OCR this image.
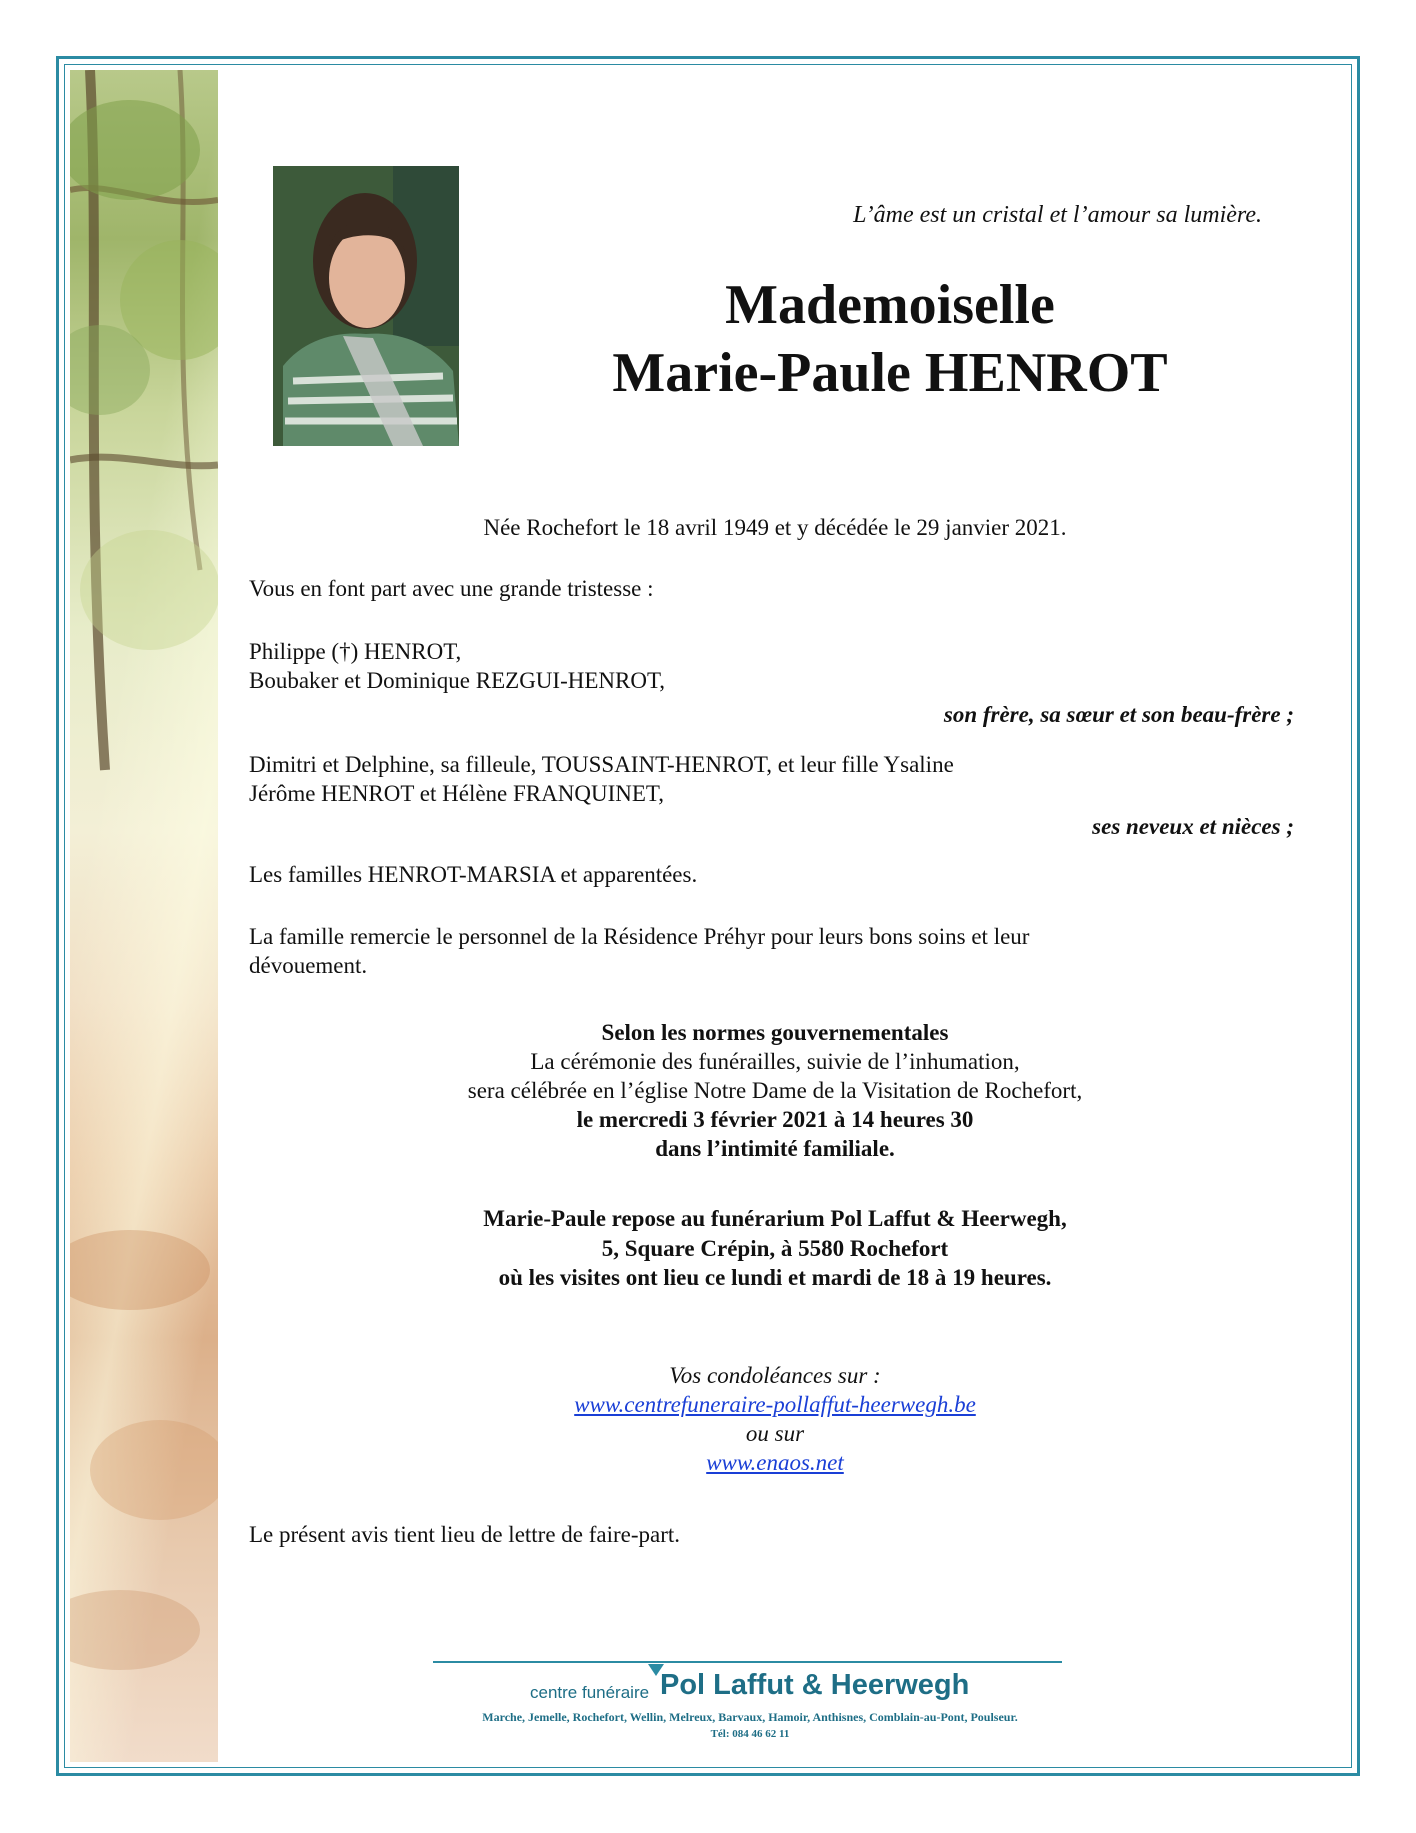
L’âme est un cristal et l’amour sa lumière.
Mademoiselle
Marie-Paule HENROT
Née Rochefort le 18 avril 1949 et y décédée le 29 janvier 2021.
Vous en font part avec une grande tristesse :
Philippe (†) HENROT,
Boubaker et Dominique REZGUI-HENROT,
son frère, sa sœur et son beau-frère ;
Dimitri et Delphine, sa filleule, TOUSSAINT-HENROT, et leur fille Ysaline
Jérôme HENROT et Hélène FRANQUINET,
ses neveux et nièces ;
Les familles HENROT-MARSIA et apparentées.
La famille remercie le personnel de la Résidence Préhyr pour leurs bons soins et leur
dévouement.
Selon les normes gouvernementales
La cérémonie des funérailles, suivie de l’inhumation,
sera célébrée en l’église Notre Dame de la Visitation de Rochefort,
le mercredi 3 février 2021 à 14 heures 30
dans l’intimité familiale.
Marie-Paule repose au funérarium Pol Laffut & Heerwegh,
5, Square Crépin, à 5580 Rochefort
où les visites ont lieu ce lundi et mardi de 18 à 19 heures.
Vos condoléances sur :
www.centrefuneraire-pollaffut-heerwegh.be
ou sur
www.enaos.net
Le présent avis tient lieu de lettre de faire-part.
centre funéraire Pol Laffut & Heerwegh
Marche, Jemelle, Rochefort, Wellin, Melreux, Barvaux, Hamoir, Anthisnes, Comblain-au-Pont, Poulseur.
Tél: 084 46 62 11
